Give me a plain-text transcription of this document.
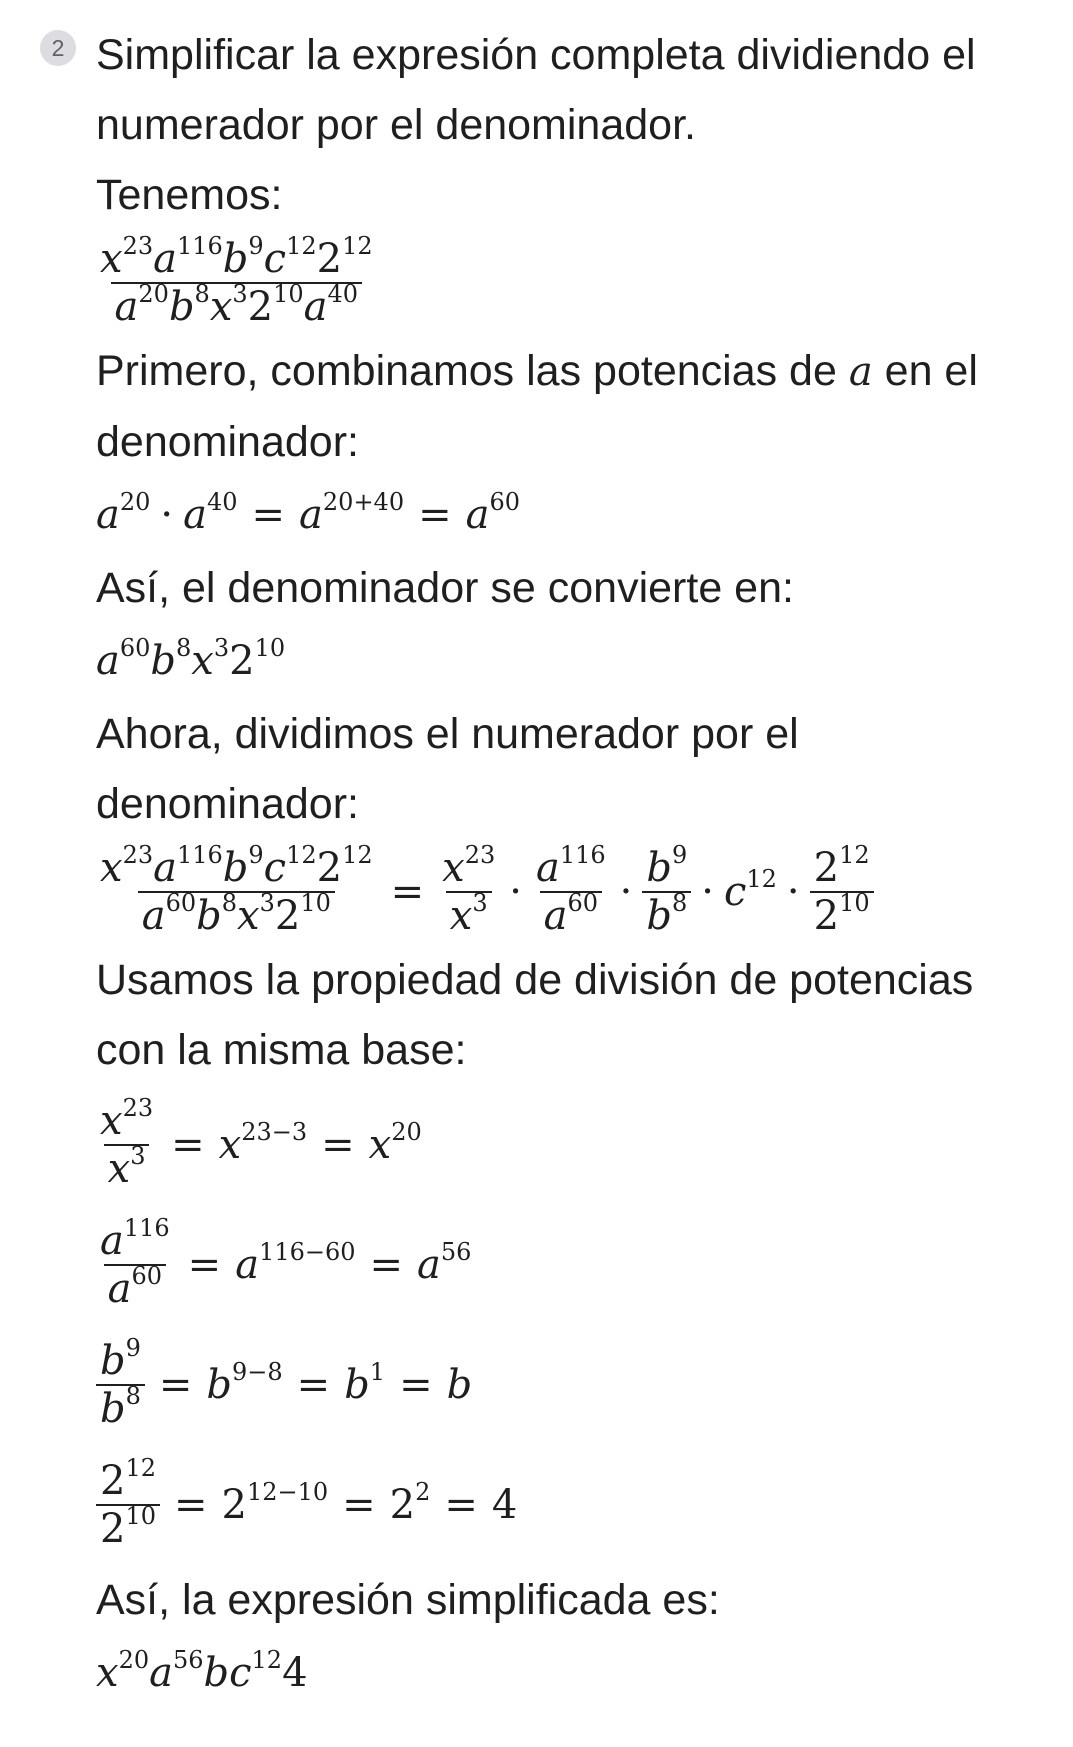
2 Simplificar la expresión completa dividiendo el numerador por el denominador.
Tenemos:
$\frac{x^{23}a^{116}b^9c^{12}2^{12}}{a^{20}b^8x^32^{10}a^{40}}$
Primero, combinamos las potencias de a en el denominador:
$a^{20} \cdot a^{40} = a^{20+40} = a^{60}$
Así, el denominador se convierte en:
$a^{60}$ $b^8$ $x^3$ $2^{10}$
Ahora, dividimos el numerador por el denominador:
$\frac{x^{23}a^{116}b^9c^{12}2^{12}}{a^{60}b^8x^32^{10}} = \frac{x^{23}}{x^3} \cdot \frac{a^{116}}{a^{60}} \cdot \frac{b^9}{b^8} \cdot c^{12} \cdot \frac{2^{12}}{2^{10}}$
Usamos la propiedad de división de potencias con la misma base:
$\frac{x^{23}}{x^3} = x^{23-3} = x^{20}$
$\frac{a^{116}}{a^{60}} = a^{116-60} = a^{56}$
$\frac{b^9}{b^8} = b^{9-8} = b^1 = b$
$\frac{2^{12}}{2^{10}} = 2^{12-10} = 2^2 = 4$
Así, la expresión simplificada es:
$x^{20}$ $a^{56}$ b $c^{12}$ 4
